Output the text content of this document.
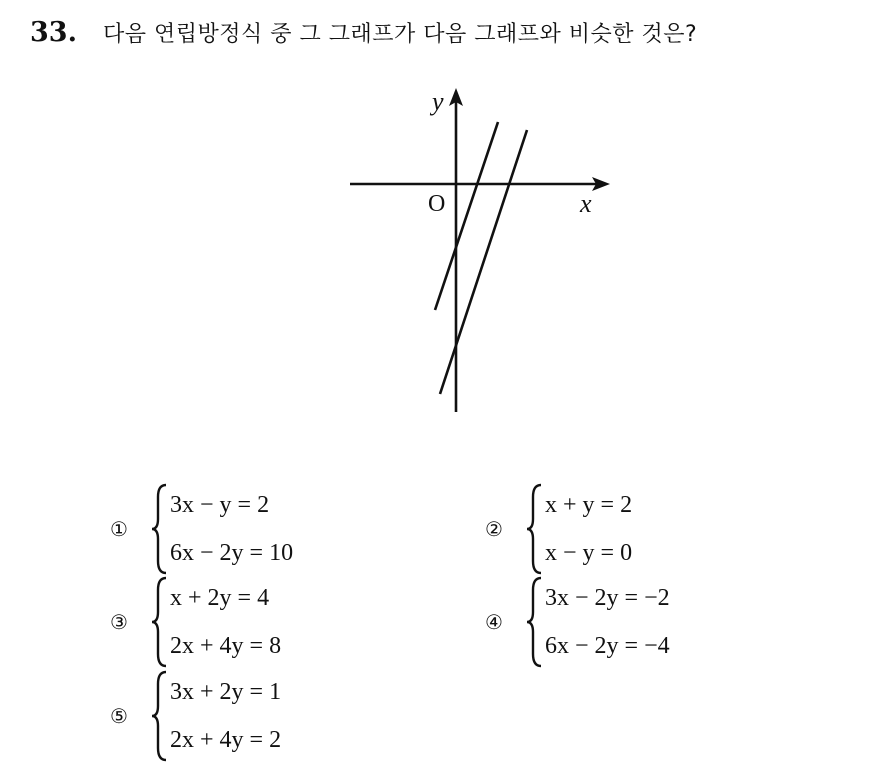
33. 다음 연립방정식 중 그 그래프가 다음 그래프와 비슷한 것은?
y
x
O
①
3x − y = 2
6x − 2y = 10
②
x + y = 2
x − y = 0
③
x + 2y = 4
2x + 4y = 8
④
3x − 2y = −2
6x − 2y = −4
⑤
3x + 2y = 1
2x + 4y = 2
